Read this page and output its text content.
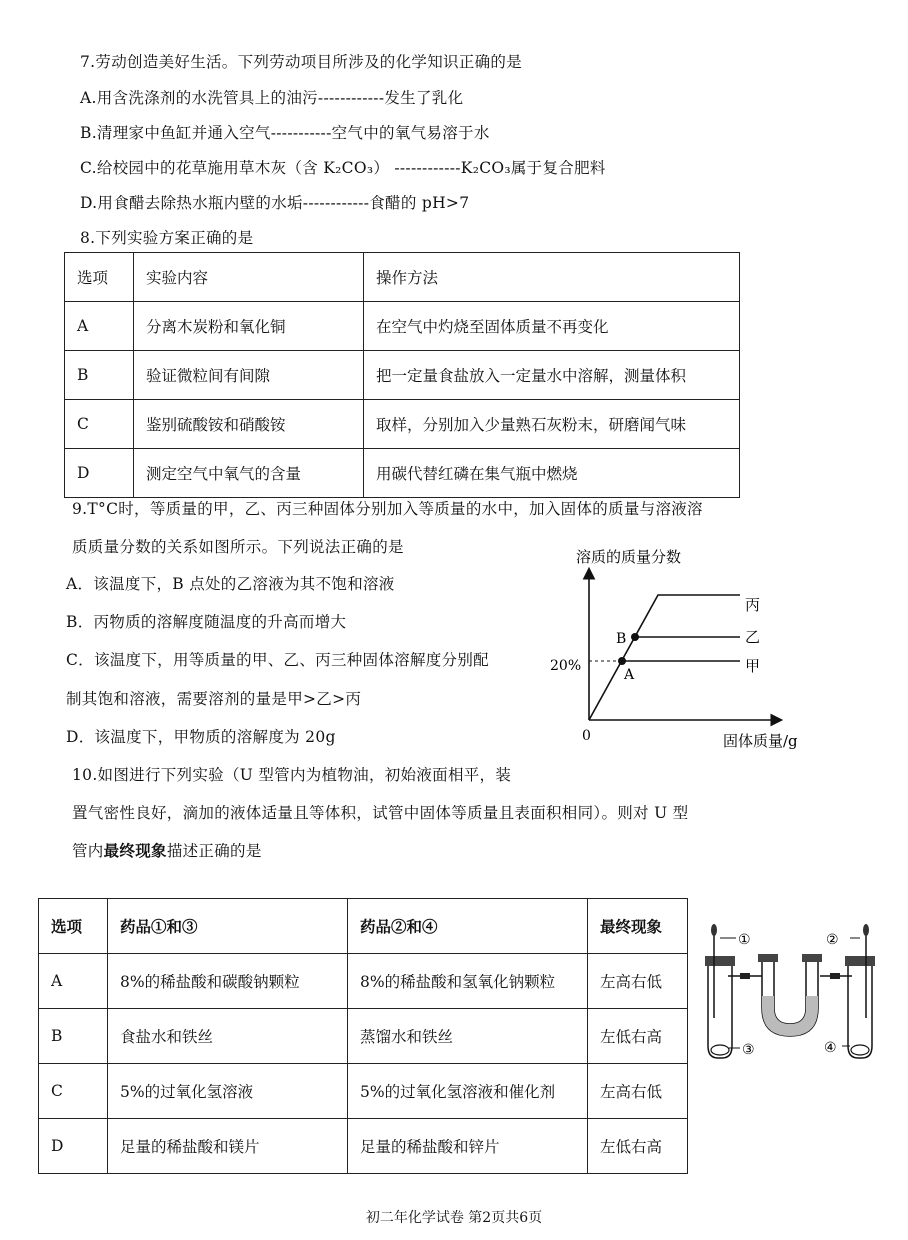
7.劳动创造美好生活。下列劳动项目所涉及的化学知识正确的是
A.用含洗涤剂的水洗管具上的油污------------发生了乳化
B.清理家中鱼缸并通入空气-----------空气中的氧气易溶于水
C.给校园中的花草施用草木灰（含 K₂CO₃） ------------K₂CO₃属于复合肥料
D.用食醋去除热水瓶内壁的水垢------------食醋的 pH>7
8.下列实验方案正确的是
选项	实验内容	操作方法
A	分离木炭粉和氧化铜	在空气中灼烧至固体质量不再变化
B	验证微粒间有间隙	把一定量食盐放入一定量水中溶解，测量体积
C	鉴别硫酸铵和硝酸铵	取样，分别加入少量熟石灰粉末，研磨闻气味
D	测定空气中氧气的含量	用碳代替红磷在集气瓶中燃烧
9.T°C时，等质量的甲，乙、丙三种固体分别加入等质量的水中，加入固体的质量与溶液溶
质质量分数的关系如图所示。下列说法正确的是
A．该温度下，B 点处的乙溶液为其不饱和溶液
B．丙物质的溶解度随温度的升高而增大
C．该温度下，用等质量的甲、乙、丙三种固体溶解度分别配
制其饱和溶液，需要溶剂的量是甲>乙>丙
D．该温度下，甲物质的溶解度为 20g
溶质的质量分数
固体质量/g
0
20%
丙
乙
甲
B
A
10.如图进行下列实验（U 型管内为植物油，初始液面相平，装
置气密性良好，滴加的液体适量且等体积，试管中固体等质量且表面积相同）。则对 U 型
管内最终现象描述正确的是
选项	药品①和③	药品②和④	最终现象
A	8%的稀盐酸和碳酸钠颗粒	8%的稀盐酸和氢氧化钠颗粒	左高右低
B	食盐水和铁丝	蒸馏水和铁丝	左低右高
C	5%的过氧化氢溶液	5%的过氧化氢溶液和催化剂	左高右低
D	足量的稀盐酸和镁片	足量的稀盐酸和锌片	左低右高
①	②
③	④
初二年化学试卷 第2页共6页
